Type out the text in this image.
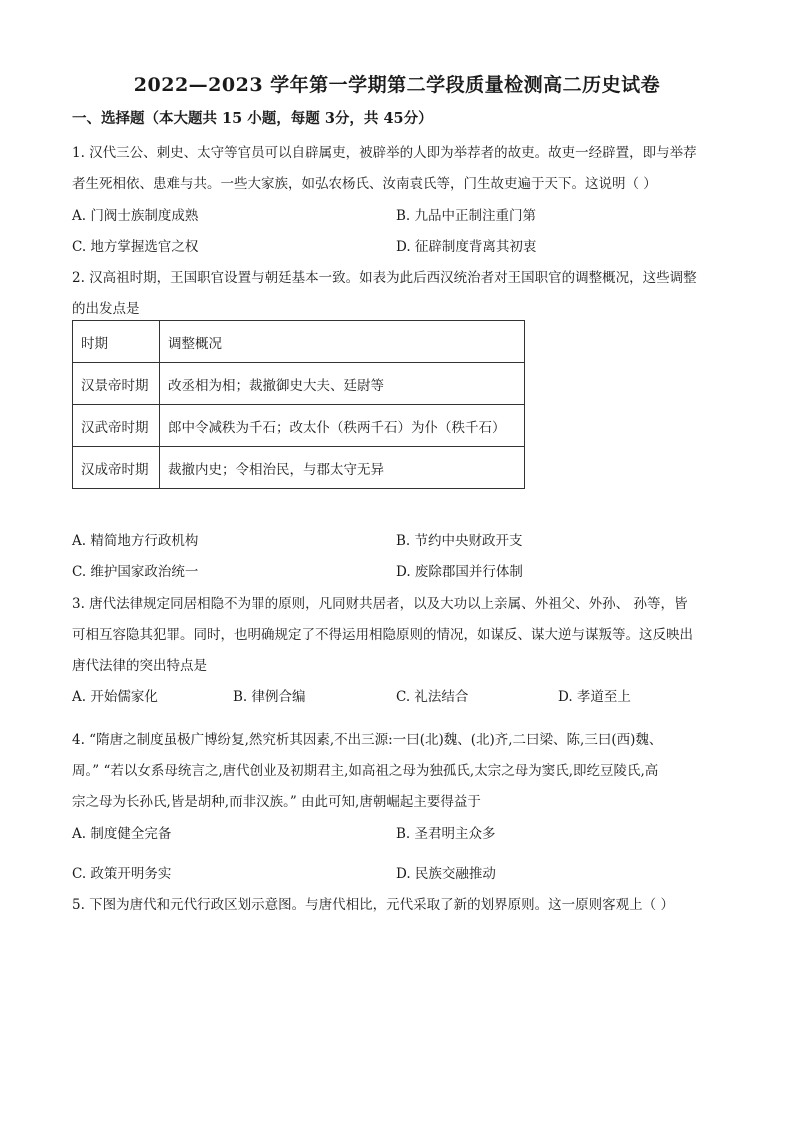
2022—2023 学年第一学期第二学段质量检测高二历史试卷
一、选择题（本大题共 15 小题，每题 3分，共 45分）
1. 汉代三公、刺史、太守等官员可以自辟属吏，被辟举的人即为举荐者的故吏。故吏一经辟置，即与举荐
者生死相依、患难与共。一些大家族，如弘农杨氏、汝南袁氏等，门生故吏遍于天下。这说明（ ）
A. 门阀士族制度成熟	B. 九品中正制注重门第
C. 地方掌握选官之权	D. 征辟制度背离其初衷
2. 汉高祖时期，王国职官设置与朝廷基本一致。如表为此后西汉统治者对王国职官的调整概况，这些调整
的出发点是
时期	调整概况
汉景帝时期	改丞相为相；裁撤御史大夫、廷尉等
汉武帝时期	郎中令减秩为千石；改太仆（秩两千石）为仆（秩千石）
汉成帝时期	裁撤内史；令相治民，与郡太守无异
A. 精简地方行政机构	B. 节约中央财政开支
C. 维护国家政治统一	D. 废除郡国并行体制
3. 唐代法律规定同居相隐不为罪的原则，凡同财共居者，以及大功以上亲属、外祖父、外孙、 孙等，皆
可相互容隐其犯罪。同时，也明确规定了不得运用相隐原则的情况，如谋反、谋大逆与谋叛等。这反映出
唐代法律的突出特点是
A. 开始儒家化	B. 律例合编	C. 礼法结合	D. 孝道至上
4. “隋唐之制度虽极广博纷复,然究析其因素,不出三源:一曰(北)魏、(北)齐,二曰梁、陈,三曰(西)魏、
周。” “若以女系母统言之,唐代创业及初期君主,如高祖之母为独孤氏,太宗之母为窦氏,即纥豆陵氏,高
宗之母为长孙氏,皆是胡种,而非汉族。” 由此可知,唐朝崛起主要得益于
A. 制度健全完备	B. 圣君明主众多
C. 政策开明务实	D. 民族交融推动
5. 下图为唐代和元代行政区划示意图。与唐代相比，元代采取了新的划界原则。这一原则客观上（ ）
